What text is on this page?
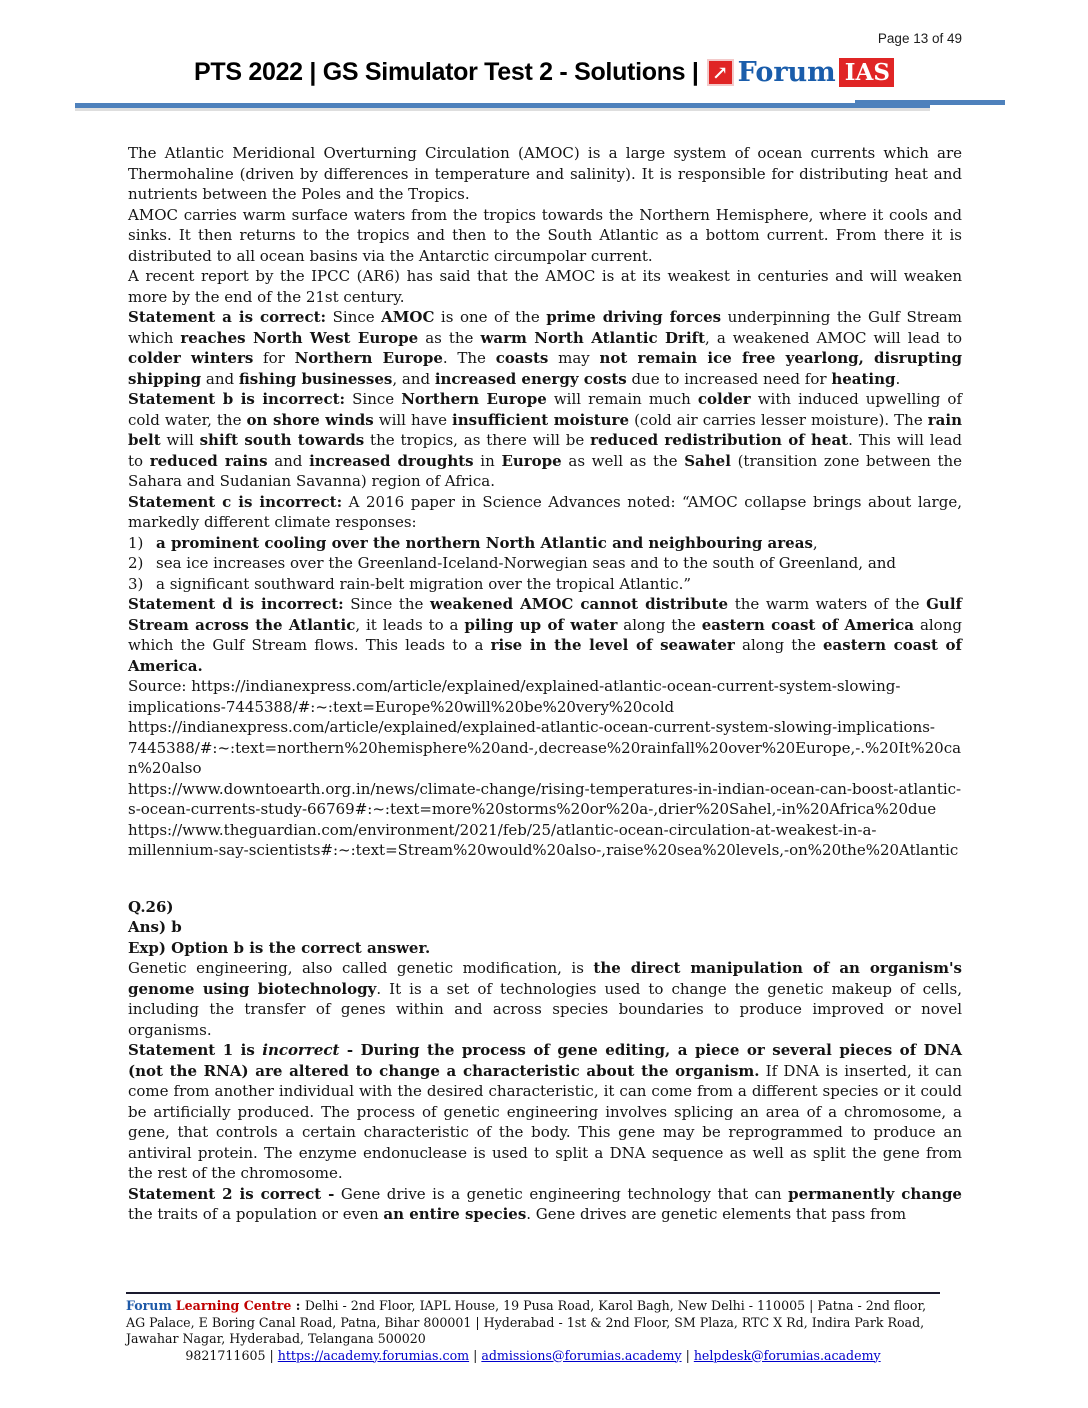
Page 13 of 49
PTS 2022 | GS Simulator Test 2 - Solutions | ↗ Forum IAS

The Atlantic Meridional Overturning Circulation (AMOC) is a large system of ocean currents which are Thermohaline (driven by differences in temperature and salinity). It is responsible for distributing heat and nutrients between the Poles and the Tropics.

AMOC carries warm surface waters from the tropics towards the Northern Hemisphere, where it cools and sinks. It then returns to the tropics and then to the South Atlantic as a bottom current. From there it is distributed to all ocean basins via the Antarctic circumpolar current.

A recent report by the IPCC (AR6) has said that the AMOC is at its weakest in centuries and will weaken more by the end of the 21st century.

Statement a is correct: Since AMOC is one of the prime driving forces underpinning the Gulf Stream which reaches North West Europe as the warm North Atlantic Drift, a weakened AMOC will lead to colder winters for Northern Europe. The coasts may not remain ice free yearlong, disrupting shipping and fishing businesses, and increased energy costs due to increased need for heating.

Statement b is incorrect: Since Northern Europe will remain much colder with induced upwelling of cold water, the on shore winds will have insufficient moisture (cold air carries lesser moisture). The rain belt will shift south towards the tropics, as there will be reduced redistribution of heat. This will lead to reduced rains and increased droughts in Europe as well as the Sahel (transition zone between the Sahara and Sudanian Savanna) region of Africa.

Statement c is incorrect: A 2016 paper in Science Advances noted: “AMOC collapse brings about large, markedly different climate responses:

1) a prominent cooling over the northern North Atlantic and neighbouring areas,

2) sea ice increases over the Greenland-Iceland-Norwegian seas and to the south of Greenland, and

3) a significant southward rain-belt migration over the tropical Atlantic.”

Statement d is incorrect: Since the weakened AMOC cannot distribute the warm waters of the Gulf Stream across the Atlantic, it leads to a piling up of water along the eastern coast of America along which the Gulf Stream flows. This leads to a rise in the level of seawater along the eastern coast of America.

Source: https://indianexpress.com/article/explained/explained-atlantic-ocean-current-system-slowing-implications-7445388/#:~:text=Europe%20will%20be%20very%20cold

https://indianexpress.com/article/explained/explained-atlantic-ocean-current-system-slowing-implications-7445388/#:~:text=northern%20hemisphere%20and-,decrease%20rainfall%20over%20Europe,-.%20It%20can%20also

https://www.downtoearth.org.in/news/climate-change/rising-temperatures-in-indian-ocean-can-boost-atlantic-s-ocean-currents-study-66769#:~:text=more%20storms%20or%20a-,drier%20Sahel,-in%20Africa%20due

https://www.theguardian.com/environment/2021/feb/25/atlantic-ocean-circulation-at-weakest-in-a-millennium-say-scientists#:~:text=Stream%20would%20also-,raise%20sea%20levels,-on%20the%20Atlantic

Q.26)

Ans) b

Exp) Option b is the correct answer.

Genetic engineering, also called genetic modification, is the direct manipulation of an organism's genome using biotechnology. It is a set of technologies used to change the genetic makeup of cells, including the transfer of genes within and across species boundaries to produce improved or novel organisms.

Statement 1 is incorrect - During the process of gene editing, a piece or several pieces of DNA (not the RNA) are altered to change a characteristic about the organism. If DNA is inserted, it can come from another individual with the desired characteristic, it can come from a different species or it could be artificially produced. The process of genetic engineering involves splicing an area of a chromosome, a gene, that controls a certain characteristic of the body. This gene may be reprogrammed to produce an antiviral protein. The enzyme endonuclease is used to split a DNA sequence as well as split the gene from the rest of the chromosome.

Statement 2 is correct - Gene drive is a genetic engineering technology that can permanently change the traits of a population or even an entire species. Gene drives are genetic elements that pass from

Forum Learning Centre : Delhi - 2nd Floor, IAPL House, 19 Pusa Road, Karol Bagh, New Delhi - 110005 | Patna - 2nd floor, AG Palace, E Boring Canal Road, Patna, Bihar 800001 | Hyderabad - 1st & 2nd Floor, SM Plaza, RTC X Rd, Indira Park Road, Jawahar Nagar, Hyderabad, Telangana 500020

9821711605 | https://academy.forumias.com | admissions@forumias.academy | helpdesk@forumias.academy
